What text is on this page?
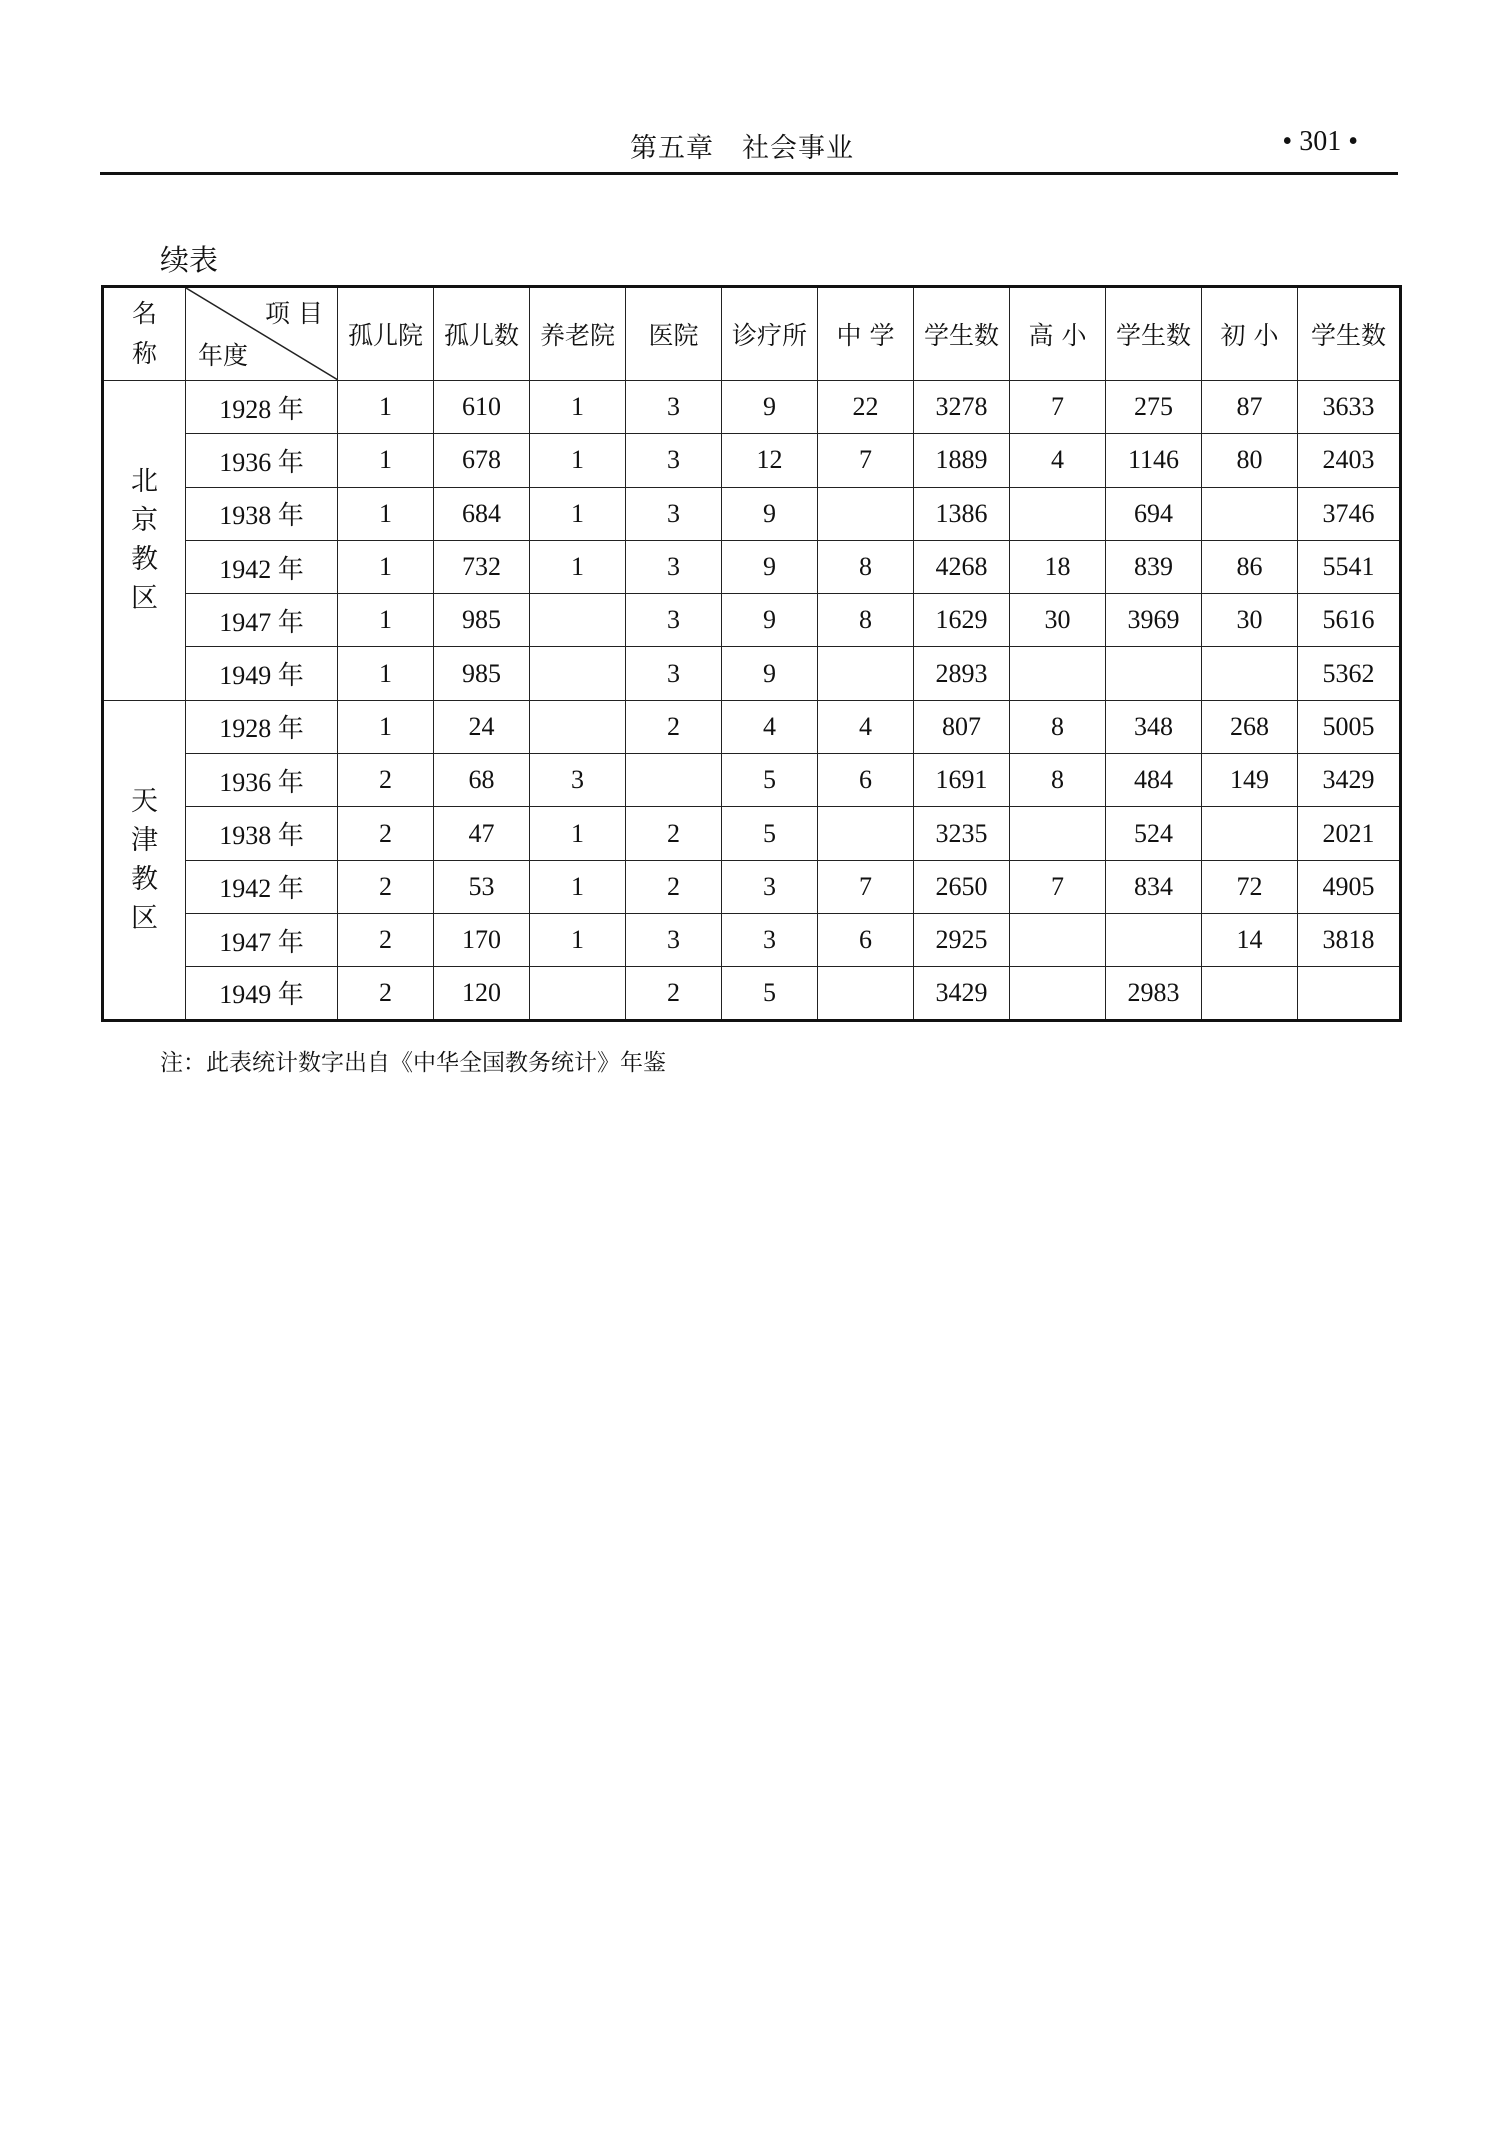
第五章　社会事业	• 301 •
续表
名称	项 目
年度	孤儿院	孤儿数	养老院	医院	诊疗所	中 学	学生数	高 小	学生数	初 小	学生数
北京教区	1928 年	1	610	1	3	9	22	3278	7	275	87	3633
	1936 年	1	678	1	3	12	7	1889	4	1146	80	2403
	1938 年	1	684	1	3	9		1386		694		3746
	1942 年	1	732	1	3	9	8	4268	18	839	86	5541
	1947 年	1	985		3	9	8	1629	30	3969	30	5616
	1949 年	1	985		3	9		2893				5362
天津教区	1928 年	1	24		2	4	4	807	8	348	268	5005
	1936 年	2	68	3		5	6	1691	8	484	149	3429
	1938 年	2	47	1	2	5		3235		524		2021
	1942 年	2	53	1	2	3	7	2650	7	834	72	4905
	1947 年	2	170	1	3	3	6	2925			14	3818
	1949 年	2	120		2	5		3429		2983		
注：此表统计数字出自《中华全国教务统计》年鉴
